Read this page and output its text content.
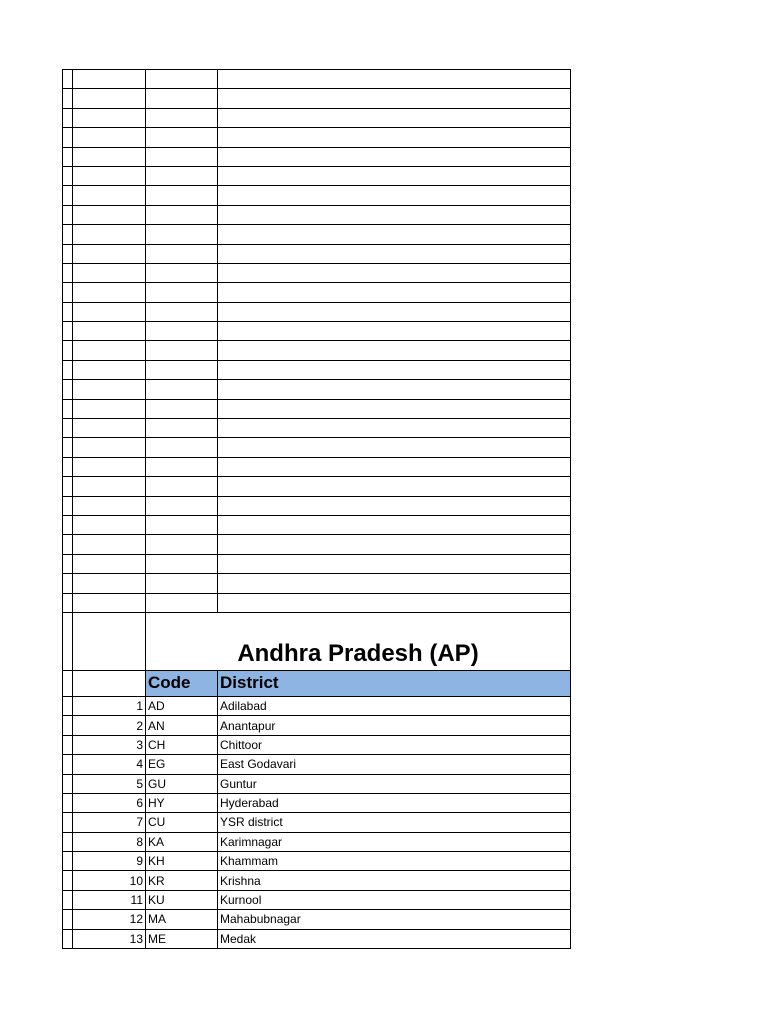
		Andhra Pradesh (AP)	
		Code	District
	1	AD	Adilabad
	2	AN	Anantapur
	3	CH	Chittoor
	4	EG	East Godavari
	5	GU	Guntur
	6	HY	Hyderabad
	7	CU	YSR district
	8	KA	Karimnagar
	9	KH	Khammam
	10	KR	Krishna
	11	KU	Kurnool
	12	MA	Mahabubnagar
	13	ME	Medak
